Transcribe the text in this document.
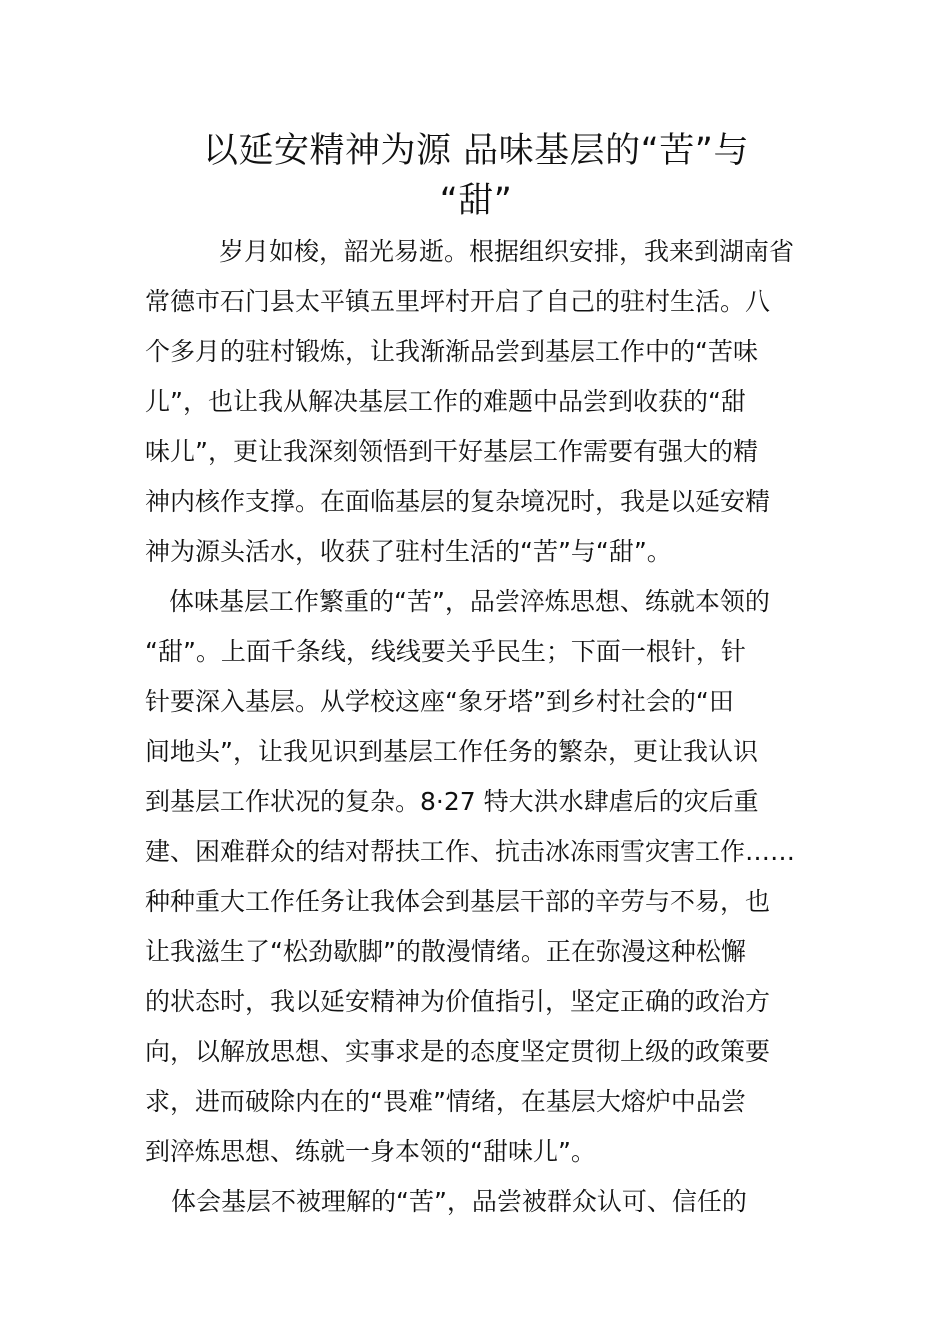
以延安精神为源 品味基层的“苦”与
“甜”

岁月如梭，韶光易逝。根据组织安排，我来到湖南省
常德市石门县太平镇五里坪村开启了自己的驻村生活。八
个多月的驻村锻炼，让我渐渐品尝到基层工作中的“苦味
儿”，也让我从解决基层工作的难题中品尝到收获的“甜
味儿”，更让我深刻领悟到干好基层工作需要有强大的精
神内核作支撑。在面临基层的复杂境况时，我是以延安精
神为源头活水，收获了驻村生活的“苦”与“甜”。

体味基层工作繁重的“苦”，品尝淬炼思想、练就本领的
“甜”。上面千条线，线线要关乎民生；下面一根针，针
针要深入基层。从学校这座“象牙塔”到乡村社会的“田
间地头”，让我见识到基层工作任务的繁杂，更让我认识
到基层工作状况的复杂。8·27 特大洪水肆虐后的灾后重
建、困难群众的结对帮扶工作、抗击冰冻雨雪灾害工作……
种种重大工作任务让我体会到基层干部的辛劳与不易，也
让我滋生了“松劲歇脚”的散漫情绪。正在弥漫这种松懈
的状态时，我以延安精神为价值指引，坚定正确的政治方
向，以解放思想、实事求是的态度坚定贯彻上级的政策要
求，进而破除内在的“畏难”情绪，在基层大熔炉中品尝
到淬炼思想、练就一身本领的“甜味儿”。

体会基层不被理解的“苦”，品尝被群众认可、信任的
